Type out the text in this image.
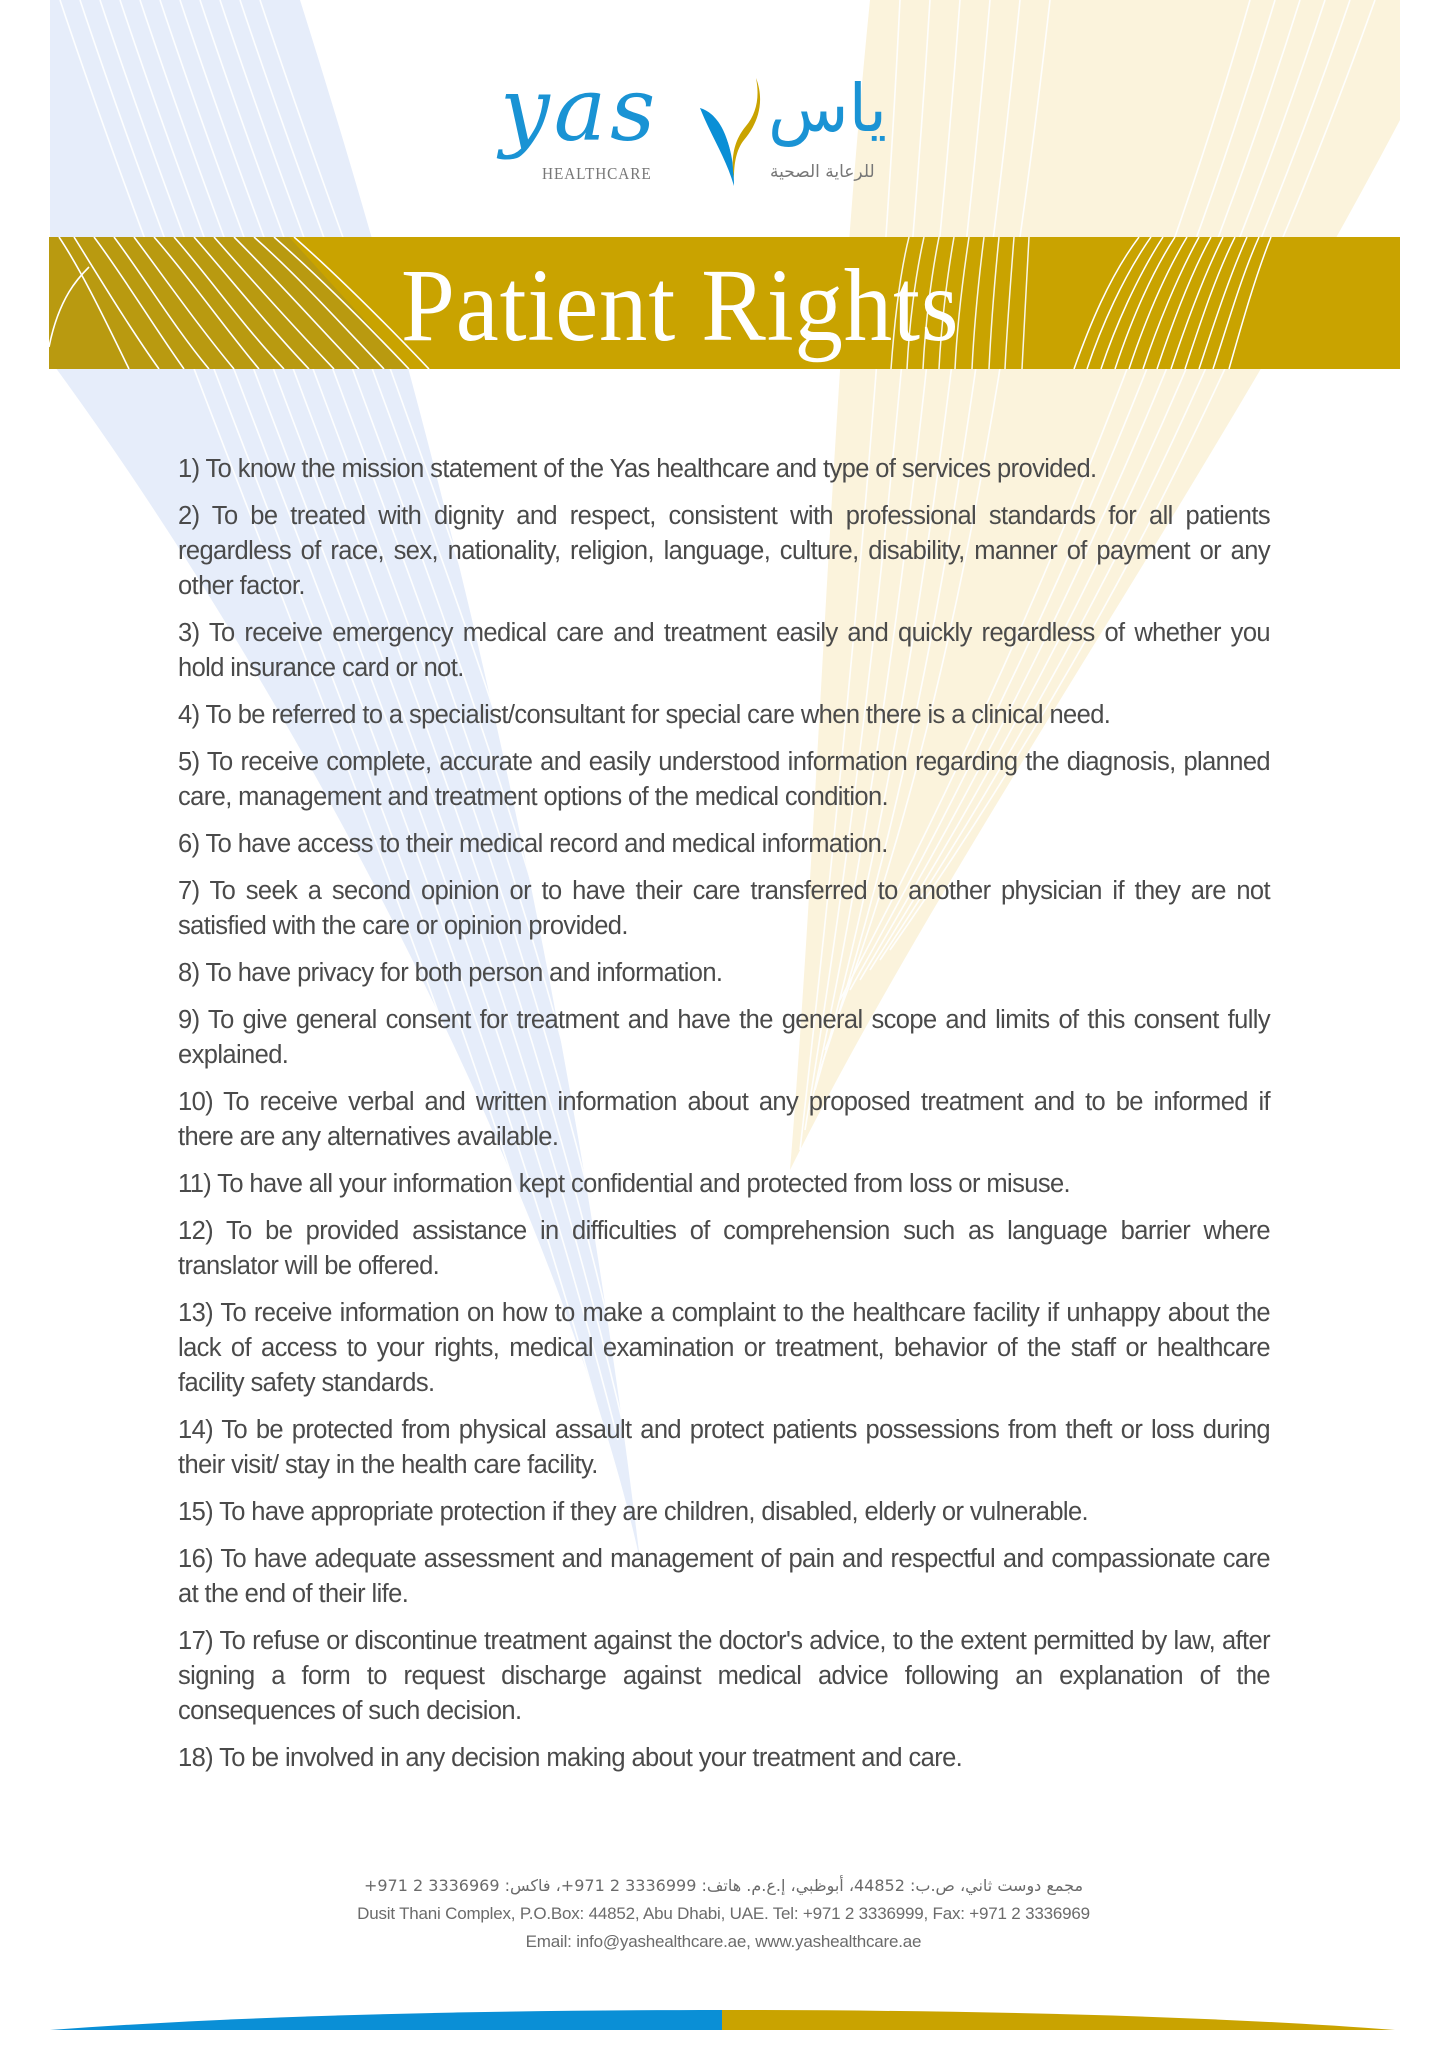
yas
HEALTHCARE
ياس
للرعاية الصحية
Patient Rights
1) To know the mission statement of the Yas healthcare and type of services provided.
2) To be treated with dignity and respect, consistent with professional standards for all patients regardless of race, sex, nationality, religion, language, culture, disability, manner of payment or any other factor.
3) To receive emergency medical care and treatment easily and quickly regardless of whether you hold insurance card or not.
4) To be referred to a specialist/consultant for special care when there is a clinical need.
5) To receive complete, accurate and easily understood information regarding the diagnosis, planned care, management and treatment options of the medical condition.
6) To have access to their medical record and medical information.
7) To seek a second opinion or to have their care transferred to another physician if they are not satisfied with the care or opinion provided.
8) To have privacy for both person and information.
9) To give general consent for treatment and have the general scope and limits of this consent fully explained.
10) To receive verbal and written information about any proposed treatment and to be informed if there are any alternatives available.
11) To have all your information kept confidential and protected from loss or misuse.
12) To be provided assistance in difficulties of comprehension such as language barrier where translator will be offered.
13) To receive information on how to make a complaint to the healthcare facility if unhappy about the lack of access to your rights, medical examination or treatment, behavior of the staff or healthcare facility safety standards.
14) To be protected from physical assault and protect patients possessions from theft or loss during their visit/ stay in the health care facility.
15) To have appropriate protection if they are children, disabled, elderly or vulnerable.
16) To have adequate assessment and management of pain and respectful and compassionate care at the end of their life.
17) To refuse or discontinue treatment against the doctor's advice, to the extent permitted by law, after signing a form to request discharge against medical advice following an explanation of the consequences of such decision.
18) To be involved in any decision making about your treatment and care.
مجمع دوست ثاني، ص.ب: 44852، أبوظبي، إ.ع.م. هاتف: 3336999 2 971+، فاكس: 3336969 2 971+
Dusit Thani Complex, P.O.Box: 44852, Abu Dhabi, UAE. Tel: +971 2 3336999, Fax: +971 2 3336969
Email: info@yashealthcare.ae, www.yashealthcare.ae
